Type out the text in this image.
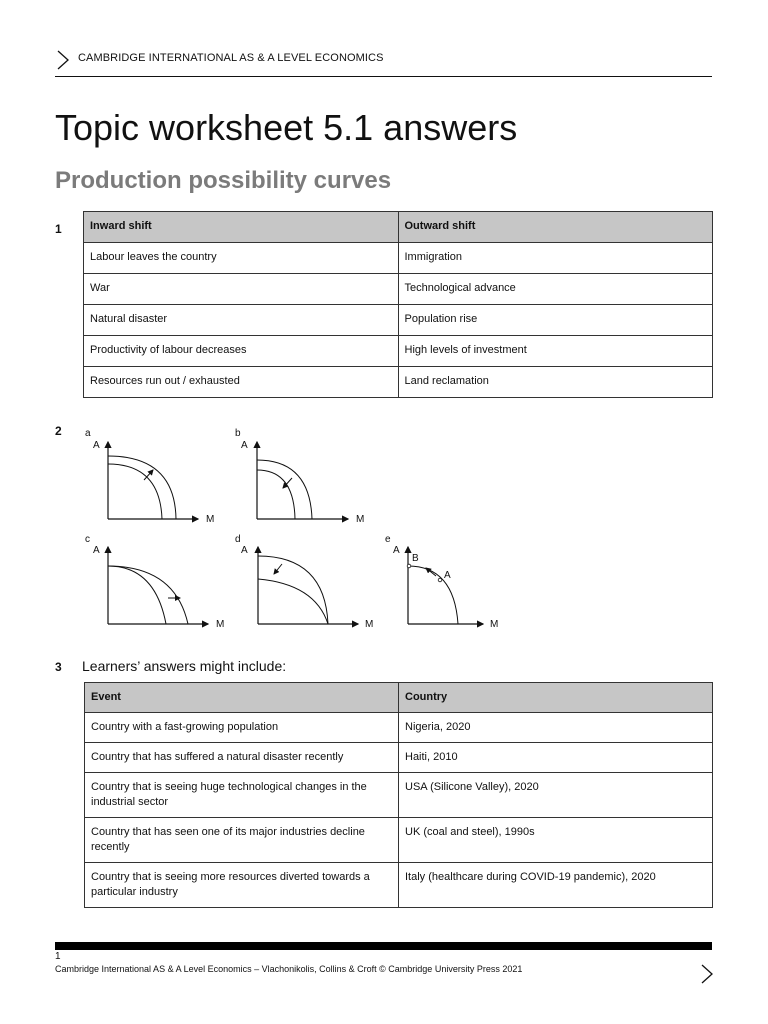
CAMBRIDGE INTERNATIONAL AS & A LEVEL ECONOMICS
Topic worksheet 5.1 answers
Production possibility curves
1	Inward shift	Outward shift
Labour leaves the country	Immigration
War	Technological advance
Natural disaster	Population rise
Productivity of labour decreases	High levels of investment
Resources run out / exhausted	Land reclamation
2 a
A
M
b
A
M
c
A
M
d
A
M
e
A
M
B
A
3 Learners’ answers might include:
Event	Country
Country with a fast-growing population	Nigeria, 2020
Country that has suffered a natural disaster recently	Haiti, 2010
Country that is seeing huge technological changes in the industrial sector	USA (Silicone Valley), 2020
Country that has seen one of its major industries decline recently	UK (coal and steel), 1990s
Country that is seeing more resources diverted towards a particular industry	Italy (healthcare during COVID-19 pandemic), 2020
1
Cambridge International AS & A Level Economics – Vlachonikolis, Collins & Croft © Cambridge University Press 2021
